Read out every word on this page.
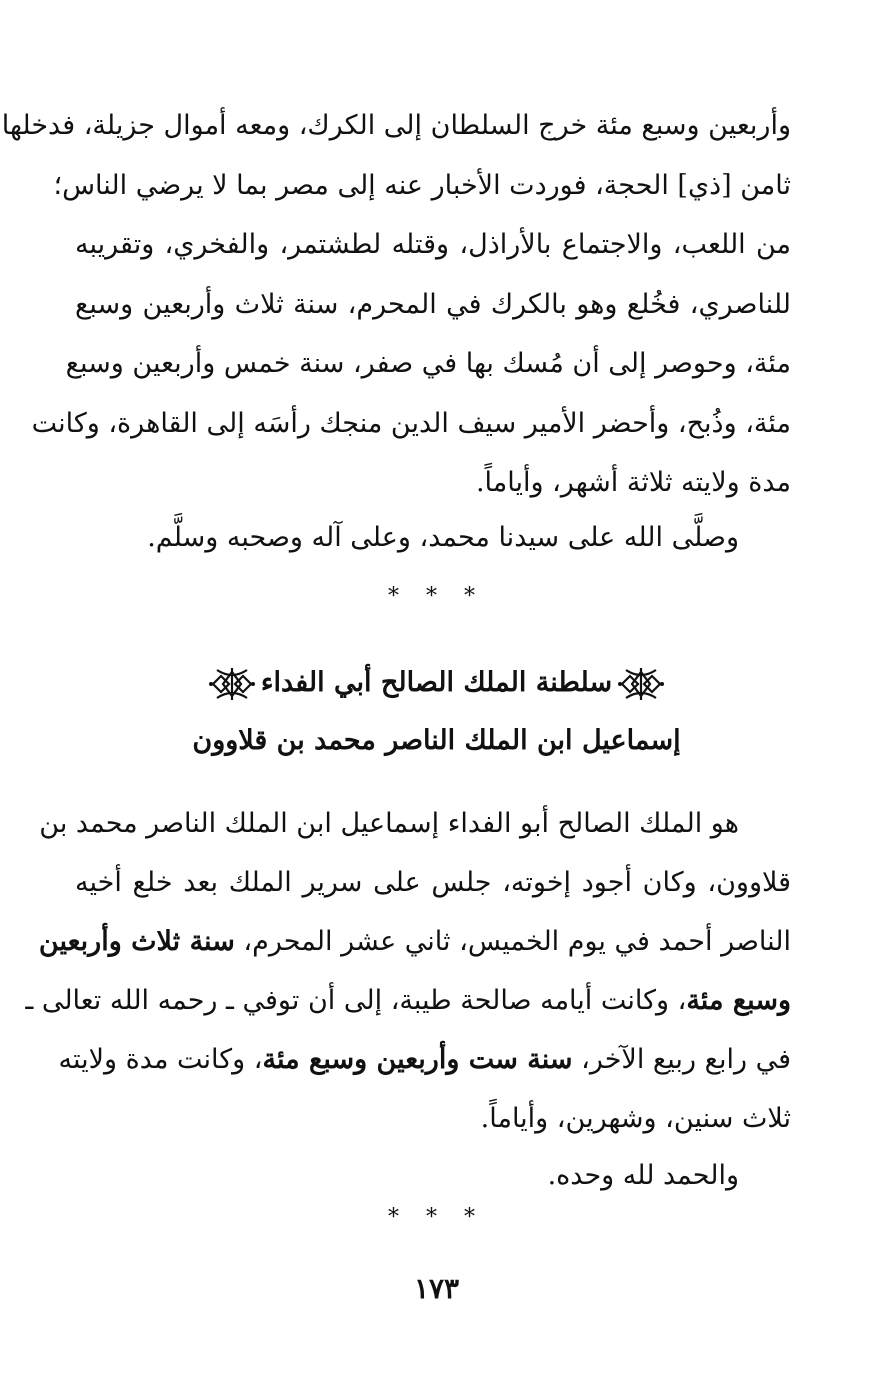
وأربعين وسبع مئة خرج السلطان إلى الكرك، ومعه أموال جزيلة، فدخلها
ثامن [ذي] الحجة، فوردت الأخبار عنه إلى مصر بما لا يرضي الناس؛
من اللعب، والاجتماع بالأراذل، وقتله لطشتمر، والفخري، وتقريبه
للناصري، فخُلع وهو بالكرك في المحرم، سنة ثلاث وأربعين وسبع
مئة، وحوصر إلى أن مُسك بها في صفر، سنة خمس وأربعين وسبع
مئة، وذُبح، وأحضر الأمير سيف الدين منجك رأسَه إلى القاهرة، وكانت
مدة ولايته ثلاثة أشهر، وأياماً.
وصلَّى الله على سيدنا محمد، وعلى آله وصحبه وسلَّم.
* * *
سلطنة الملك الصالح أبي الفداء
إسماعيل ابن الملك الناصر محمد بن قلاوون
هو الملك الصالح أبو الفداء إسماعيل ابن الملك الناصر محمد بن
قلاوون، وكان أجود إخوته، جلس على سرير الملك بعد خلع أخيه
الناصر أحمد في يوم الخميس، ثاني عشر المحرم، سنة ثلاث وأربعين
وسبع مئة، وكانت أيامه صالحة طيبة، إلى أن توفي ـ رحمه الله تعالى ـ
في رابع ربيع الآخر، سنة ست وأربعين وسبع مئة، وكانت مدة ولايته
ثلاث سنين، وشهرين، وأياماً.
والحمد لله وحده.
* * *
١٧٣
